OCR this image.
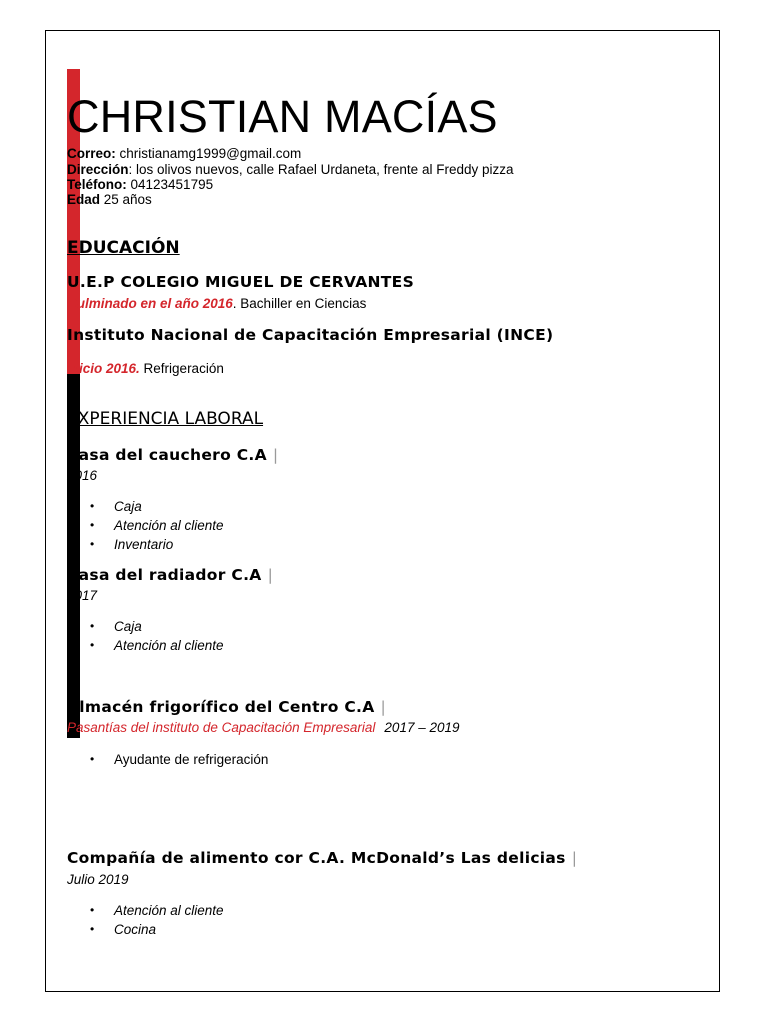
CHRISTIAN MACÍAS
Correo: christianamg1999@gmail.com
Dirección: los olivos nuevos, calle Rafael Urdaneta, frente al Freddy pizza
Teléfono: 04123451795
Edad 25 años
EDUCACIÓN
U.E.P COLEGIO MIGUEL DE CERVANTES
Culminado en el año 2016. Bachiller en Ciencias
Instituto Nacional de Capacitación Empresarial (INCE)
Inicio 2016. Refrigeración
EXPERIENCIA LABORAL
Casa del cauchero C.A |
2016
• Caja
• Atención al cliente
• Inventario
Casa del radiador C.A |
2017
• Caja
• Atención al cliente
Almacén frigorífico del Centro C.A |
Pasantías del instituto de Capacitación Empresarial 2017 – 2019
• Ayudante de refrigeración
Compañía de alimento cor C.A. McDonald’s Las delicias |
Julio 2019
• Atención al cliente
• Cocina
